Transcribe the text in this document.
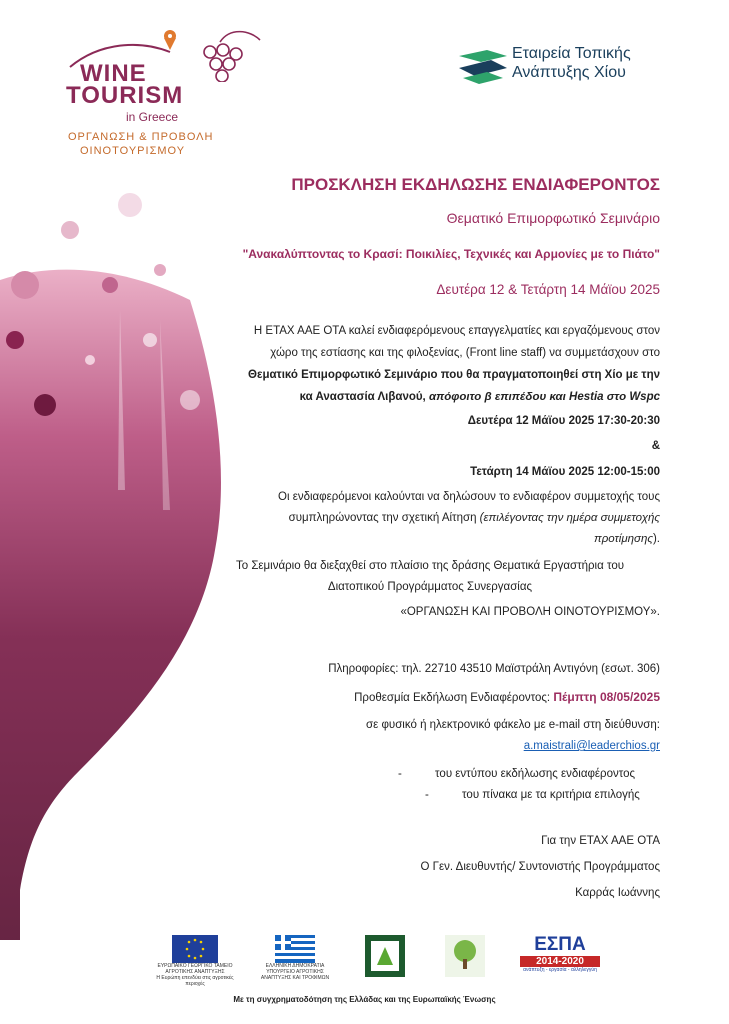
WINE
TOURISM
in Greece
ΟΡΓΑΝΩΣΗ & ΠΡΟΒΟΛΗ
ΟΙΝΟΤΟΥΡΙΣΜΟΥ
Εταιρεία Τοπικής
Ανάπτυξης Χίου
ΠΡΟΣΚΛΗΣΗ ΕΚΔΗΛΩΣΗΣ ΕΝΔΙΑΦΕΡΟΝΤΟΣ
Θεματικό Επιμορφωτικό Σεμινάριο
"Ανακαλύπτοντας το Κρασί: Ποικιλίες, Τεχνικές και Αρμονίες με το Πιάτο"
Δευτέρα 12 & Τετάρτη 14 Μάϊου 2025
Η ΕΤΑΧ ΑΑΕ ΟΤΑ καλεί ενδιαφερόμενους επαγγελματίες και εργαζόμενους στον
χώρο της εστίασης και της φιλοξενίας, (Front line staff) να συμμετάσχουν στο
Θεματικό Επιμορφωτικό Σεμινάριο που θα πραγματοποιηθεί στη Χίο με την
κα Αναστασία Λιβανού, απόφοιτο β επιπέδου και Hestia στο Wspc
Δευτέρα 12 Μάϊου 2025 17:30-20:30
&
Τετάρτη 14 Μάϊου 2025 12:00-15:00
Οι ενδιαφερόμενοι καλούνται να δηλώσουν το ενδιαφέρον συμμετοχής τους
συμπληρώνοντας την σχετική Αίτηση (επιλέγοντας την ημέρα συμμετοχής
προτίμησης).
Το Σεμινάριο θα διεξαχθεί στο πλαίσιο της δράσης Θεματικά Εργαστήρια του
Διατοπικού Προγράμματος Συνεργασίας
«ΟΡΓΑΝΩΣΗ ΚΑΙ ΠΡΟΒΟΛΗ ΟΙΝΟΤΟΥΡΙΣΜΟΥ».
Πληροφορίες: τηλ. 22710 43510 Μαϊστράλη Αντιγόνη (εσωτ. 306)
Προθεσμία Εκδήλωση Ενδιαφέροντος: Πέμπτη 08/05/2025
σε φυσικό ή ηλεκτρονικό φάκελο με e-mail στη διεύθυνση:
a.maistrali@leaderchios.gr
-	του εντύπου εκδήλωσης ενδιαφέροντος
-	του πίνακα με τα κριτήρια επιλογής
Για την ΕΤΑΧ ΑΑΕ ΟΤΑ
Ο Γεν. Διευθυντής/ Συντονιστής Προγράμματος
Καρράς Ιωάννης
ΕΥΡΩΠΑΪΚΟ ΓΕΩΡΓΙΚΟ ΤΑΜΕΙΟ ΑΓΡΟΤΙΚΗΣ ΑΝΑΠΤΥΞΗΣ
Η Ευρώπη επενδύει στις αγροτικές περιοχές
ΕΛΛΗΝΙΚΗ ΔΗΜΟΚΡΑΤΙΑ
ΥΠΟΥΡΓΕΙΟ ΑΓΡΟΤΙΚΗΣ ΑΝΑΠΤΥΞΗΣ ΚΑΙ ΤΡΟΦΙΜΩΝ
ΕΣΠΑ
2014-2020
ανάπτυξη - εργασία - αλληλεγγύη
Με τη συγχρηματοδότηση της Ελλάδας και της Ευρωπαϊκής Ένωσης
